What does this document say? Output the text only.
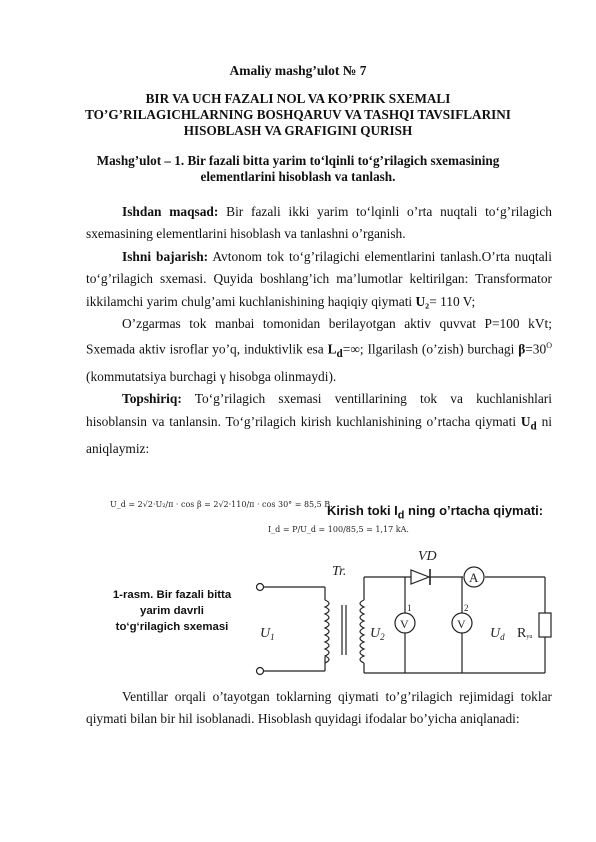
Amaliy mashg’ulot № 7
BIR VA UCH FAZALI NOL VA KO’PRIK SXEMALI TO’G’RILAGICHLARNING BOSHQARUV VA TASHQI TAVSIFLARINI HISOBLASH VA GRAFIGINI QURISH
Mashg’ulot – 1. Bir fazali bitta yarim to‘lqinli to‘g’rilagich sxemasining elementlarini hisoblash va tanlash.

Ishdan maqsad: Bir fazali ikki yarim to‘lqinli o’rta nuqtali to‘g’rilagich sxemasining elementlarini hisoblash va tanlashni o’rganish.

Ishni bajarish: Avtonom tok to‘g’rilagichi elementlarini tanlash.O’rta nuqtali to‘g’rilagich sxemasi. Quyida boshlang’ich ma’lumotlar keltirilgan: Transformator ikkilamchi yarim chulg’ami kuchlanishining haqiqiy qiymati U₂= 110 V;

O’zgarmas tok manbai tomonidan berilayotgan aktiv quvvat P=100 kVt; Sxemada aktiv isroflar yo’q, induktivlik esa $L_d=\infty$; Ilgarilash (o’zish) burchagi $\beta=30^O$ (kommutatsiya burchagi γ hisobga olinmaydi).

Topshiriq: To‘g’rilagich sxemasi ventillarining tok va kuchlanishlari hisoblansin va tanlansin. To‘g’rilagich kirish kuchlanishining o’rtacha qiymati $U_d$ ni aniqlaymiz:

U_d = 2√2·U₂/π · cos β = 2√2·110/π · cos 30° = 85,5 B.
I_d = P/U_d = 100/85,5 = 1,17 kA.
Kirish toki $I_d$ ning o’rtacha qiymati:
1-rasm. Bir fazali bitta yarim davrli to‘g‘rilagich sxemasi
A
V	V
Tr.
VD
$U_1$	$U_2$	$U_d$ Ryu
1	2

Ventillar orqali o’tayotgan toklarning qiymati to’g’rilagich rejimidagi toklar qiymati bilan bir hil isoblanadi. Hisoblash quyidagi ifodalar bo’yicha aniqlanadi:
